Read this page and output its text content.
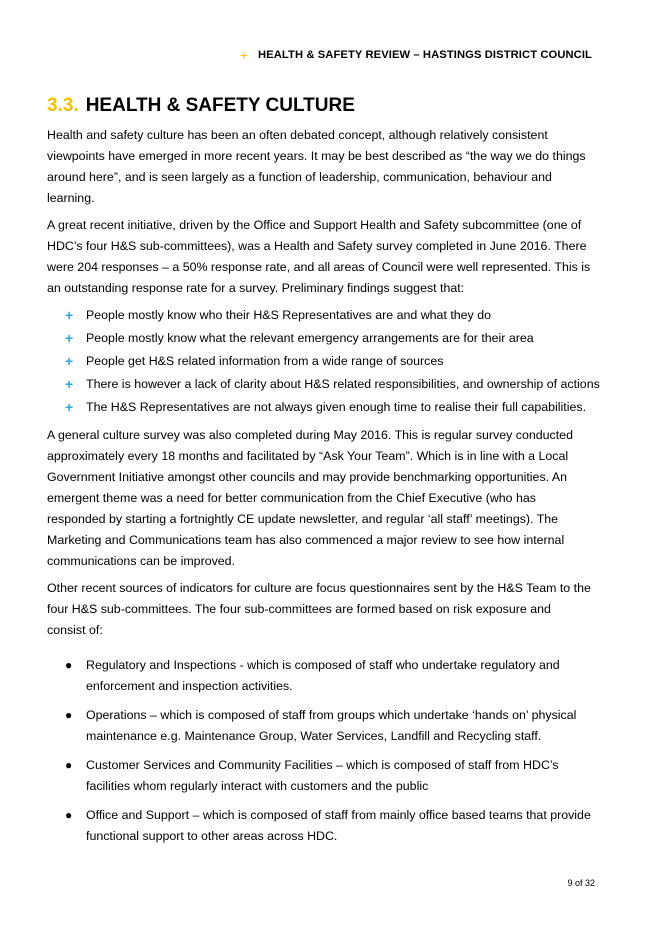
+ HEALTH & SAFETY REVIEW – HASTINGS DISTRICT COUNCIL
3.3. HEALTH & SAFETY CULTURE

Health and safety culture has been an often debated concept, although relatively consistent viewpoints have emerged in more recent years. It may be best described as “the way we do things around here”, and is seen largely as a function of leadership, communication, behaviour and learning.

A great recent initiative, driven by the Office and Support Health and Safety subcommittee (one of HDC’s four H&S sub-committees), was a Health and Safety survey completed in June 2016. There were 204 responses – a 50% response rate, and all areas of Council were well represented. This is an outstanding response rate for a survey. Preliminary findings suggest that:

+ People mostly know who their H&S Representatives are and what they do
+ People mostly know what the relevant emergency arrangements are for their area
+ People get H&S related information from a wide range of sources
+ There is however a lack of clarity about H&S related responsibilities, and ownership of actions
+ The H&S Representatives are not always given enough time to realise their full capabilities.

A general culture survey was also completed during May 2016. This is regular survey conducted approximately every 18 months and facilitated by “Ask Your Team”. Which is in line with a Local Government Initiative amongst other councils and may provide benchmarking opportunities. An emergent theme was a need for better communication from the Chief Executive (who has responded by starting a fortnightly CE update newsletter, and regular ‘all staff’ meetings). The Marketing and Communications team has also commenced a major review to see how internal communications can be improved.

Other recent sources of indicators for culture are focus questionnaires sent by the H&S Team to the four H&S sub-committees. The four sub-committees are formed based on risk exposure and consist of:

● Regulatory and Inspections - which is composed of staff who undertake regulatory and enforcement and inspection activities.
● Operations – which is composed of staff from groups which undertake ‘hands on’ physical maintenance e.g. Maintenance Group, Water Services, Landfill and Recycling staff.
● Customer Services and Community Facilities – which is composed of staff from HDC’s facilities whom regularly interact with customers and the public
● Office and Support – which is composed of staff from mainly office based teams that provide functional support to other areas across HDC.
9 of 32
